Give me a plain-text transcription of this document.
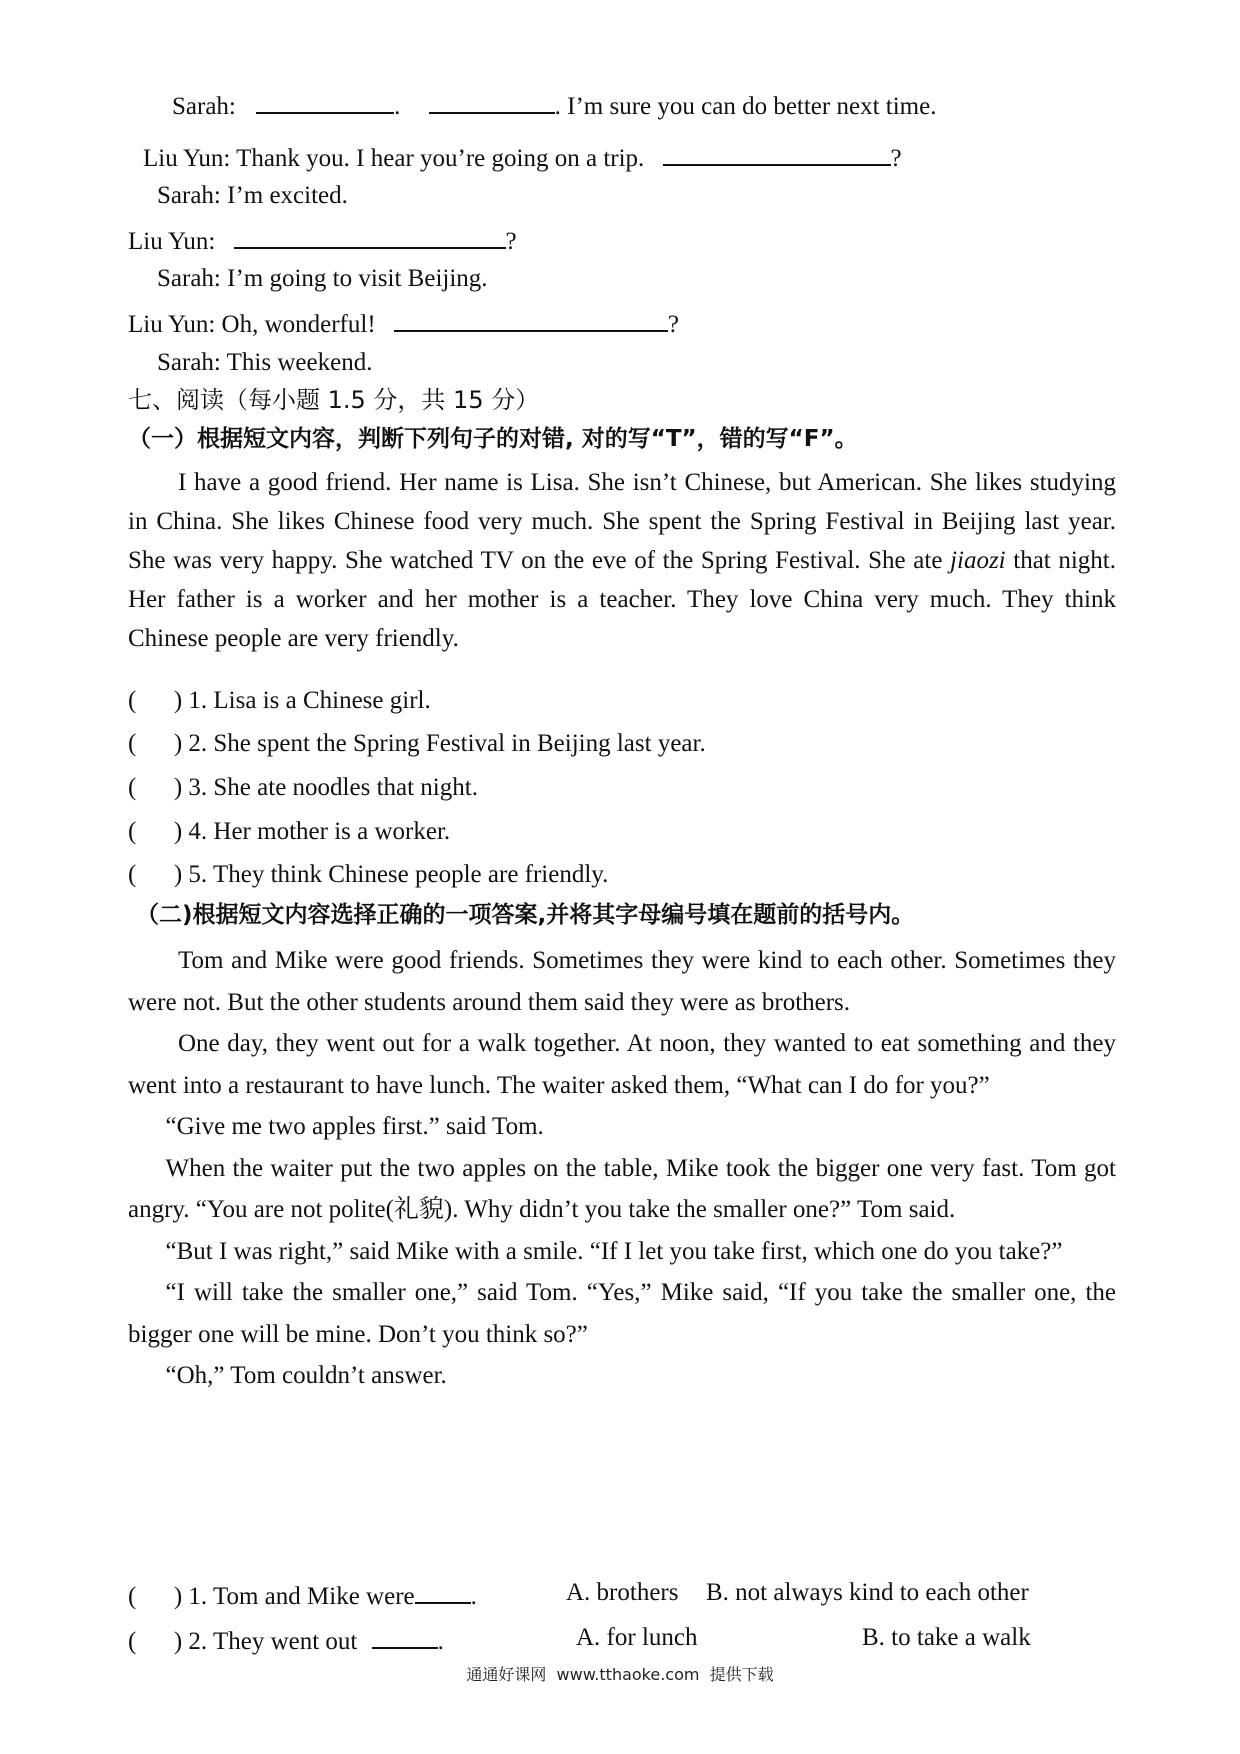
Sarah:	.	. I’m sure you can do better next time.
Liu Yun: Thank you. I hear you’re going on a trip.	?
Sarah: I’m excited.
Liu Yun:	?
Sarah: I’m going to visit Beijing.
Liu Yun: Oh, wonderful!	?
Sarah: This weekend.
七、阅读（每小题 1.5 分，共 15 分）
（一）根据短文内容，判断下列句子的对错, 对的写“T”，错的写“F”。

I have a good friend. Her name is Lisa. She isn’t Chinese, but American. She likes studying in China. She likes Chinese food very much. She spent the Spring Festival in Beijing last year. She was very happy. She watched TV on the eve of the Spring Festival. She ate jiaozi that night. Her father is a worker and her mother is a teacher. They love China very much. They think Chinese people are very friendly.

(      ) 1. Lisa is a Chinese girl.
(      ) 2. She spent the Spring Festival in Beijing last year.
(      ) 3. She ate noodles that night.
(      ) 4. Her mother is a worker.
(      ) 5. They think Chinese people are friendly.
（二)根据短文内容选择正确的一项答案,并将其字母编号填在题前的括号内。

Tom and Mike were good friends. Sometimes they were kind to each other. Sometimes they were not. But the other students around them said they were as brothers.

One day, they went out for a walk together. At noon, they wanted to eat something and they went into a restaurant to have lunch. The waiter asked them, “What can I do for you?”

“Give me two apples first.” said Tom.

When the waiter put the two apples on the table, Mike took the bigger one very fast. Tom got angry. “You are not polite(礼貌). Why didn’t you take the smaller one?” Tom said.

“But I was right,” said Mike with a smile. “If I let you take first, which one do you take?”

“I will take the smaller one,” said Tom. “Yes,” Mike said, “If you take the smaller one, the bigger one will be mine. Don’t you think so?”

“Oh,” Tom couldn’t answer.

(      ) 1. Tom and Mike were .	A. brothers B. not always kind to each other
(      ) 2. They went out	.	A. for lunch	B. to take a walk
通通好课网  www.tthaoke.com  提供下载
